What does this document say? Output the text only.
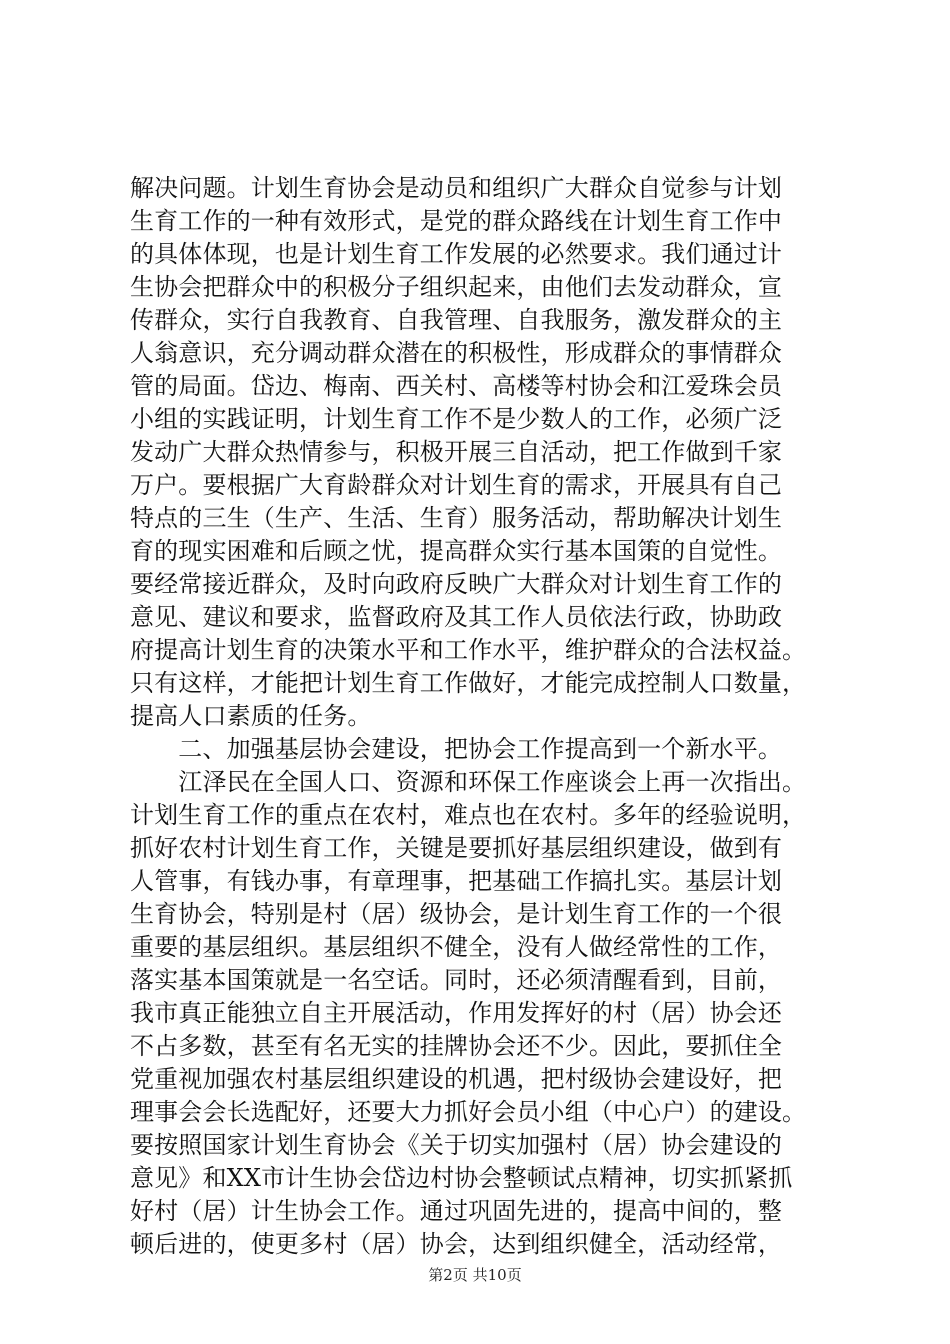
解决问题。计划生育协会是动员和组织广大群众自觉参与计划
生育工作的一种有效形式，是党的群众路线在计划生育工作中
的具体体现，也是计划生育工作发展的必然要求。我们通过计
生协会把群众中的积极分子组织起来，由他们去发动群众，宣
传群众，实行自我教育、自我管理、自我服务，激发群众的主
人翁意识，充分调动群众潜在的积极性，形成群众的事情群众
管的局面。岱边、梅南、西关村、高楼等村协会和江爱珠会员
小组的实践证明，计划生育工作不是少数人的工作，必须广泛
发动广大群众热情参与，积极开展三自活动，把工作做到千家
万户。要根据广大育龄群众对计划生育的需求，开展具有自己
特点的三生（生产、生活、生育）服务活动，帮助解决计划生
育的现实困难和后顾之忧，提高群众实行基本国策的自觉性。
要经常接近群众，及时向政府反映广大群众对计划生育工作的
意见、建议和要求，监督政府及其工作人员依法行政，协助政
府提高计划生育的决策水平和工作水平，维护群众的合法权益。
只有这样，才能把计划生育工作做好，才能完成控制人口数量，
提高人口素质的任务。
　　二、加强基层协会建设，把协会工作提高到一个新水平。
　　江泽民在全国人口、资源和环保工作座谈会上再一次指出。
计划生育工作的重点在农村，难点也在农村。多年的经验说明，
抓好农村计划生育工作，关键是要抓好基层组织建设，做到有
人管事，有钱办事，有章理事，把基础工作搞扎实。基层计划
生育协会，特别是村（居）级协会，是计划生育工作的一个很
重要的基层组织。基层组织不健全，没有人做经常性的工作，
落实基本国策就是一名空话。同时，还必须清醒看到，目前，
我市真正能独立自主开展活动，作用发挥好的村（居）协会还
不占多数，甚至有名无实的挂牌协会还不少。因此，要抓住全
党重视加强农村基层组织建设的机遇，把村级协会建设好，把
理事会会长选配好，还要大力抓好会员小组（中心户）的建设。
要按照国家计划生育协会《关于切实加强村（居）协会建设的
意见》和XX市计生协会岱边村协会整顿试点精神，切实抓紧抓
好村（居）计生协会工作。通过巩固先进的，提高中间的，整
顿后进的，使更多村（居）协会，达到组织健全，活动经常，
第2页 共10页
